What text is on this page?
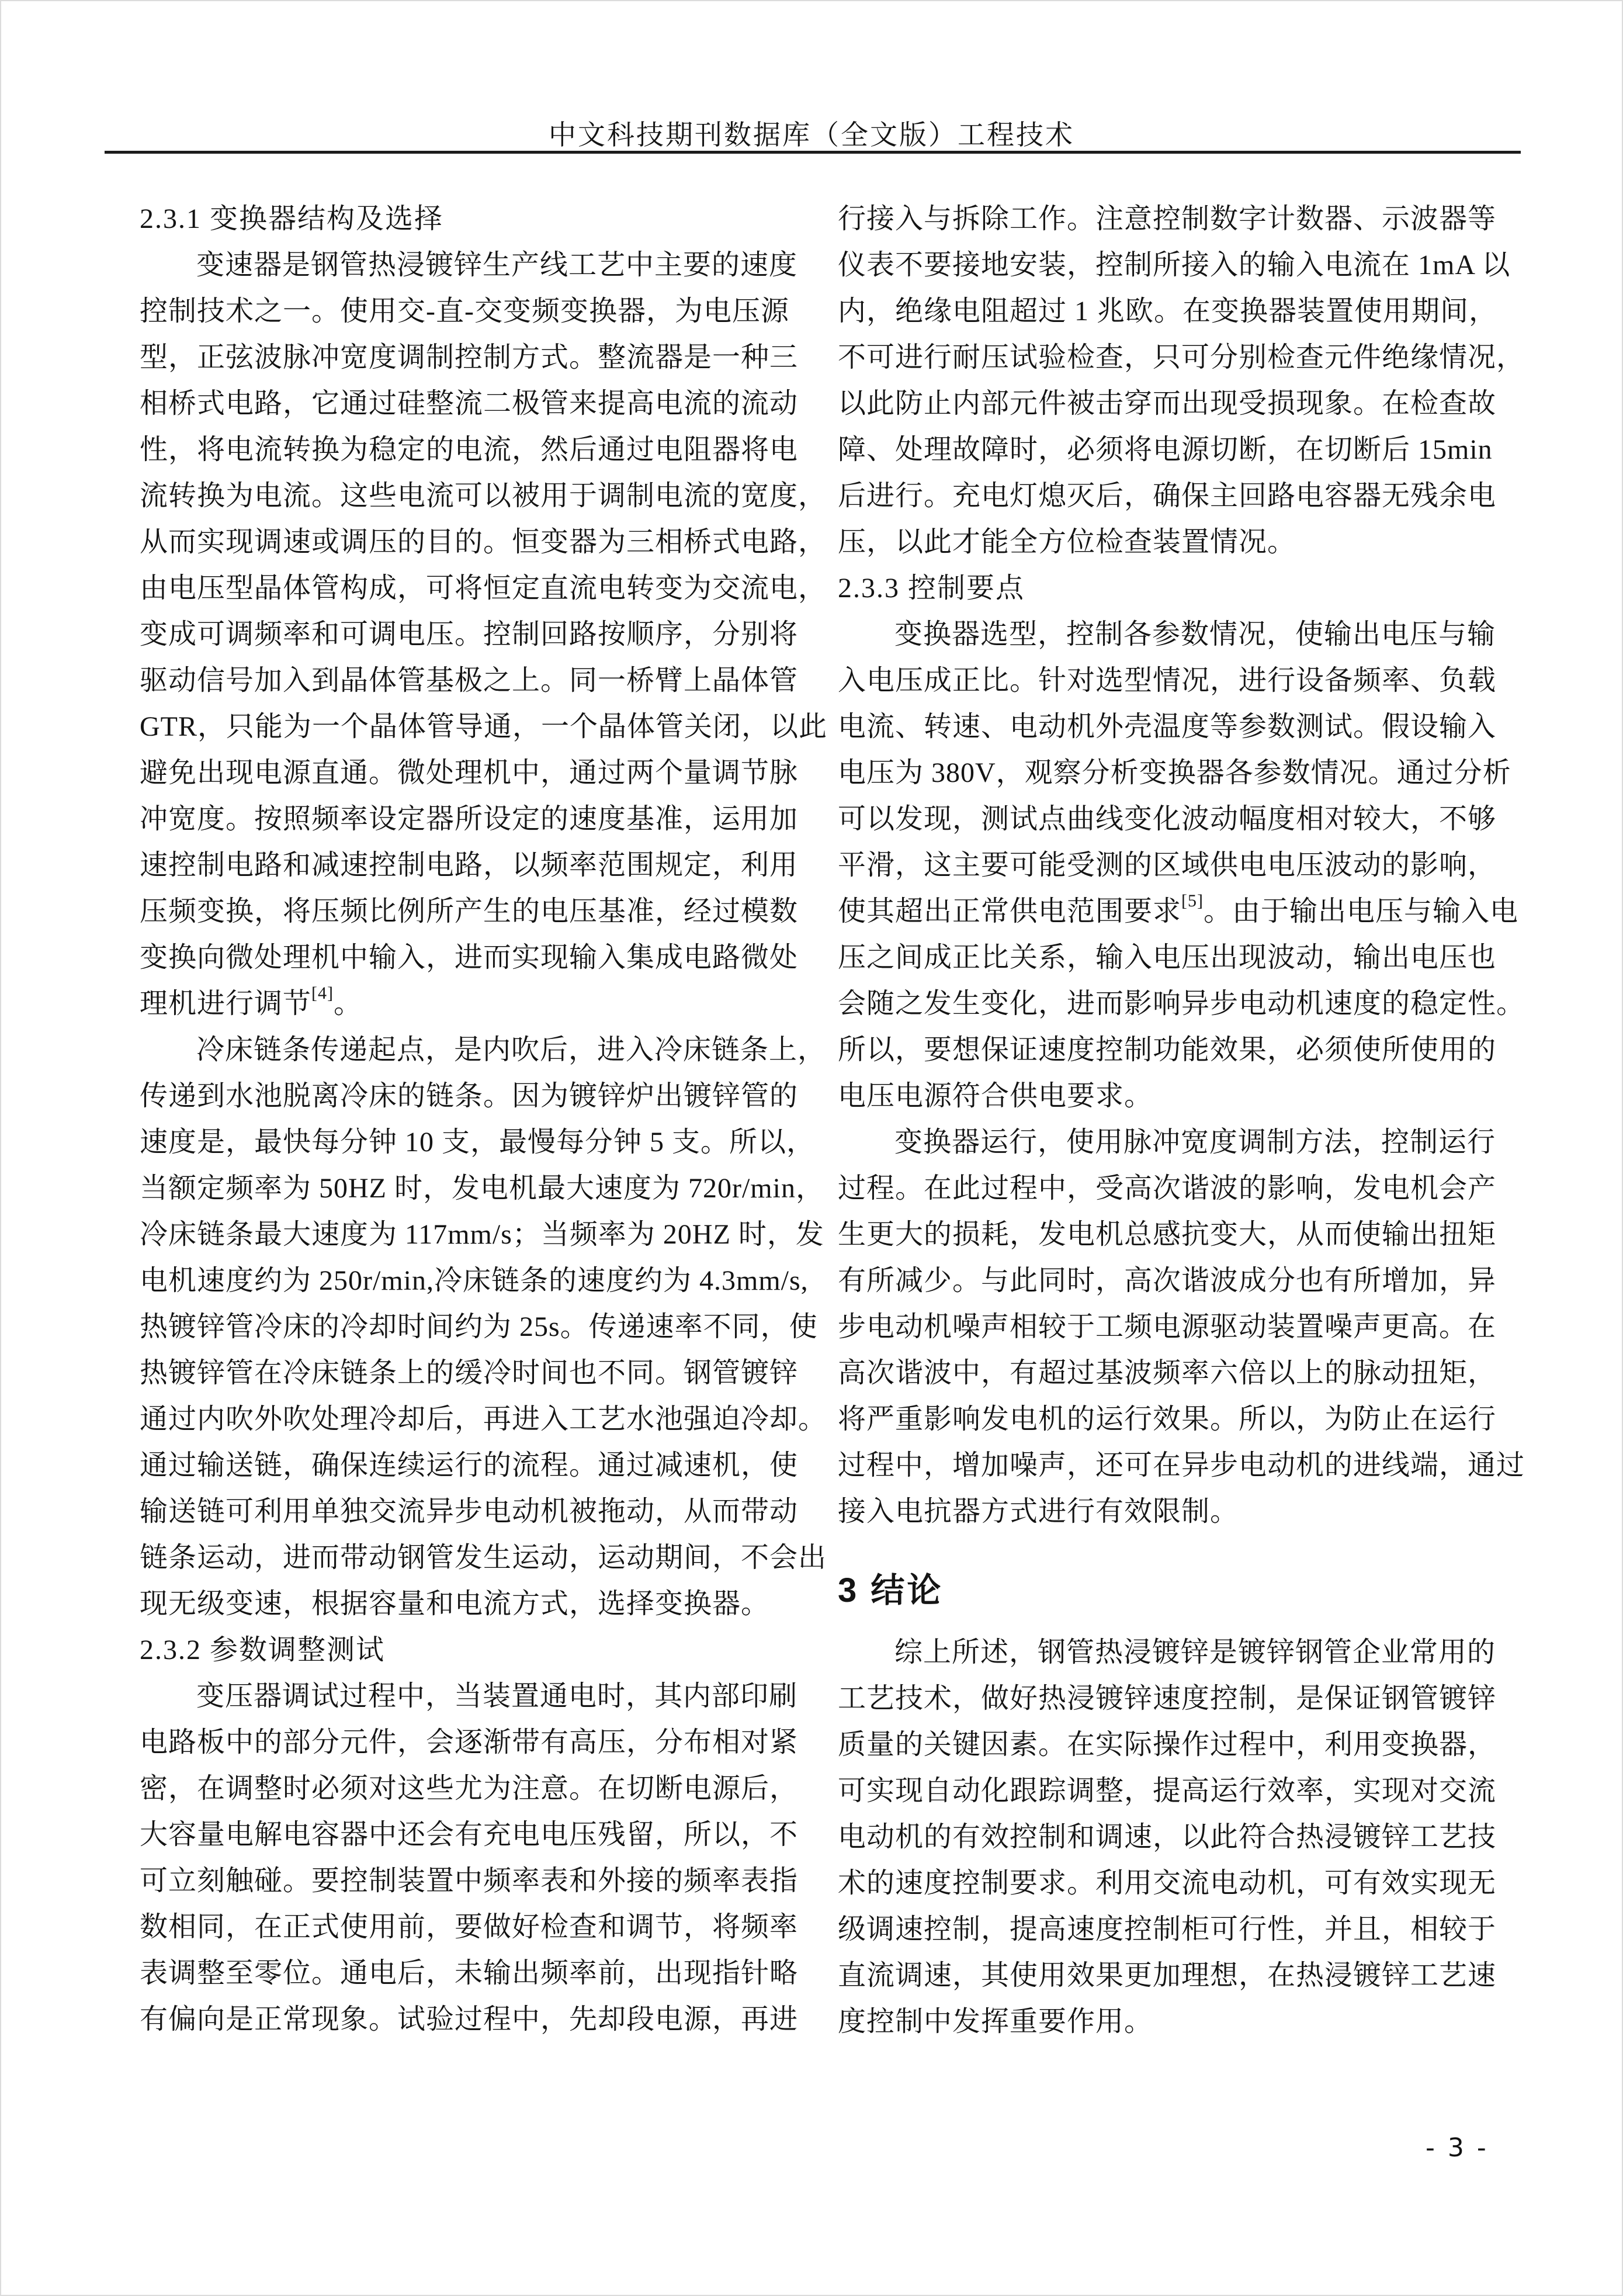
中文科技期刊数据库（全文版）工程技术
2.3.1 变换器结构及选择
变速器是钢管热浸镀锌生产线工艺中主要的速度
控制技术之一。使用交-直-交变频变换器，为电压源
型，正弦波脉冲宽度调制控制方式。整流器是一种三
相桥式电路，它通过硅整流二极管来提高电流的流动
性，将电流转换为稳定的电流，然后通过电阻器将电
流转换为电流。这些电流可以被用于调制电流的宽度，
从而实现调速或调压的目的。恒变器为三相桥式电路，
由电压型晶体管构成，可将恒定直流电转变为交流电，
变成可调频率和可调电压。控制回路按顺序，分别将
驱动信号加入到晶体管基极之上。同一桥臂上晶体管
GTR，只能为一个晶体管导通，一个晶体管关闭，以此
避免出现电源直通。微处理机中，通过两个量调节脉
冲宽度。按照频率设定器所设定的速度基准，运用加
速控制电路和减速控制电路，以频率范围规定，利用
压频变换，将压频比例所产生的电压基准，经过模数
变换向微处理机中输入，进而实现输入集成电路微处
理机进行调节[4]。
冷床链条传递起点，是内吹后，进入冷床链条上，
传递到水池脱离冷床的链条。因为镀锌炉出镀锌管的
速度是，最快每分钟 10 支，最慢每分钟 5 支。所以，
当额定频率为 50HZ 时，发电机最大速度为 720r/min，
冷床链条最大速度为 117mm/s；当频率为 20HZ 时，发
电机速度约为 250r/min,冷床链条的速度约为 4.3mm/s,
热镀锌管冷床的冷却时间约为 25s。传递速率不同，使
热镀锌管在冷床链条上的缓冷时间也不同。钢管镀锌
通过内吹外吹处理冷却后，再进入工艺水池强迫冷却。
通过输送链，确保连续运行的流程。通过减速机，使
输送链可利用单独交流异步电动机被拖动，从而带动
链条运动，进而带动钢管发生运动，运动期间，不会出
现无级变速，根据容量和电流方式，选择变换器。
2.3.2 参数调整测试
变压器调试过程中，当装置通电时，其内部印刷
电路板中的部分元件，会逐渐带有高压，分布相对紧
密，在调整时必须对这些尤为注意。在切断电源后，
大容量电解电容器中还会有充电电压残留，所以，不
可立刻触碰。要控制装置中频率表和外接的频率表指
数相同，在正式使用前，要做好检查和调节，将频率
表调整至零位。通电后，未输出频率前，出现指针略
有偏向是正常现象。试验过程中，先却段电源，再进
行接入与拆除工作。注意控制数字计数器、示波器等
仪表不要接地安装，控制所接入的输入电流在 1mA 以
内，绝缘电阻超过 1 兆欧。在变换器装置使用期间，
不可进行耐压试验检查，只可分别检查元件绝缘情况，
以此防止内部元件被击穿而出现受损现象。在检查故
障、处理故障时，必须将电源切断，在切断后 15min
后进行。充电灯熄灭后，确保主回路电容器无残余电
压，以此才能全方位检查装置情况。
2.3.3 控制要点
变换器选型，控制各参数情况，使输出电压与输
入电压成正比。针对选型情况，进行设备频率、负载
电流、转速、电动机外壳温度等参数测试。假设输入
电压为 380V，观察分析变换器各参数情况。通过分析
可以发现，测试点曲线变化波动幅度相对较大，不够
平滑，这主要可能受测的区域供电电压波动的影响，
使其超出正常供电范围要求[5]。由于输出电压与输入电
压之间成正比关系，输入电压出现波动，输出电压也
会随之发生变化，进而影响异步电动机速度的稳定性。
所以，要想保证速度控制功能效果，必须使所使用的
电压电源符合供电要求。
变换器运行，使用脉冲宽度调制方法，控制运行
过程。在此过程中，受高次谐波的影响，发电机会产
生更大的损耗，发电机总感抗变大，从而使输出扭矩
有所减少。与此同时，高次谐波成分也有所增加，异
步电动机噪声相较于工频电源驱动装置噪声更高。在
高次谐波中，有超过基波频率六倍以上的脉动扭矩，
将严重影响发电机的运行效果。所以，为防止在运行
过程中，增加噪声，还可在异步电动机的进线端，通过
接入电抗器方式进行有效限制。
3 结论
综上所述，钢管热浸镀锌是镀锌钢管企业常用的
工艺技术，做好热浸镀锌速度控制，是保证钢管镀锌
质量的关键因素。在实际操作过程中，利用变换器，
可实现自动化跟踪调整，提高运行效率，实现对交流
电动机的有效控制和调速，以此符合热浸镀锌工艺技
术的速度控制要求。利用交流电动机，可有效实现无
级调速控制，提高速度控制柜可行性，并且，相较于
直流调速，其使用效果更加理想，在热浸镀锌工艺速
度控制中发挥重要作用。
- 3 -
